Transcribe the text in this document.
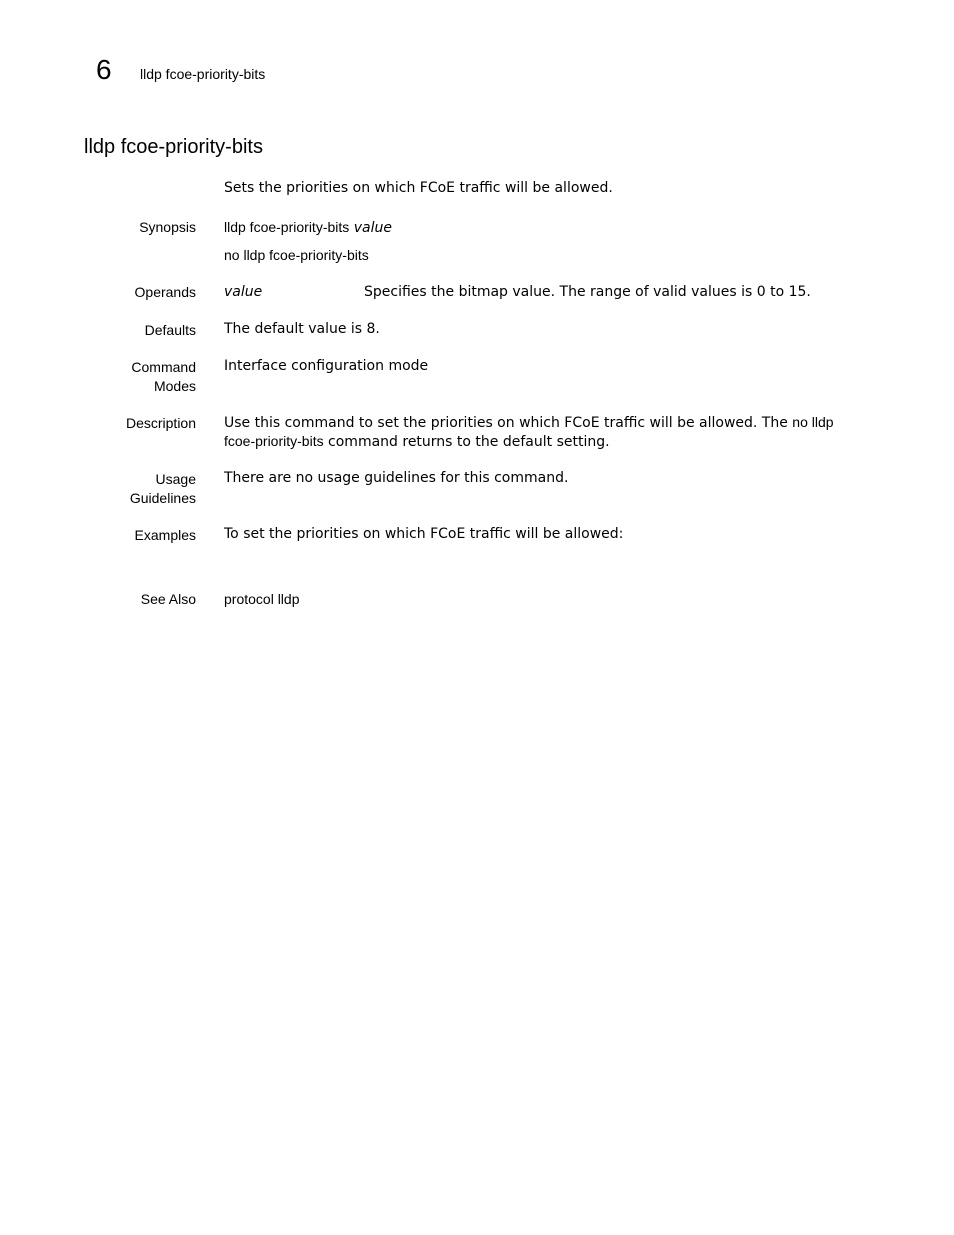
6 lldp fcoe-priority-bits
lldp fcoe-priority-bits
Sets the priorities on which FCoE traffic will be allowed.
Synopsis lldp fcoe-priority-bits value
no lldp fcoe-priority-bits
Operands value	Specifies the bitmap value. The range of valid values is 0 to 15.
Defaults The default value is 8.
Command
Modes
Interface configuration mode
Description Use this command to set the priorities on which FCoE traffic will be allowed. The no lldp
fcoe-priority-bits command returns to the default setting.
Usage
Guidelines
There are no usage guidelines for this command.
Examples To set the priorities on which FCoE traffic will be allowed:
See Also protocol lldp
